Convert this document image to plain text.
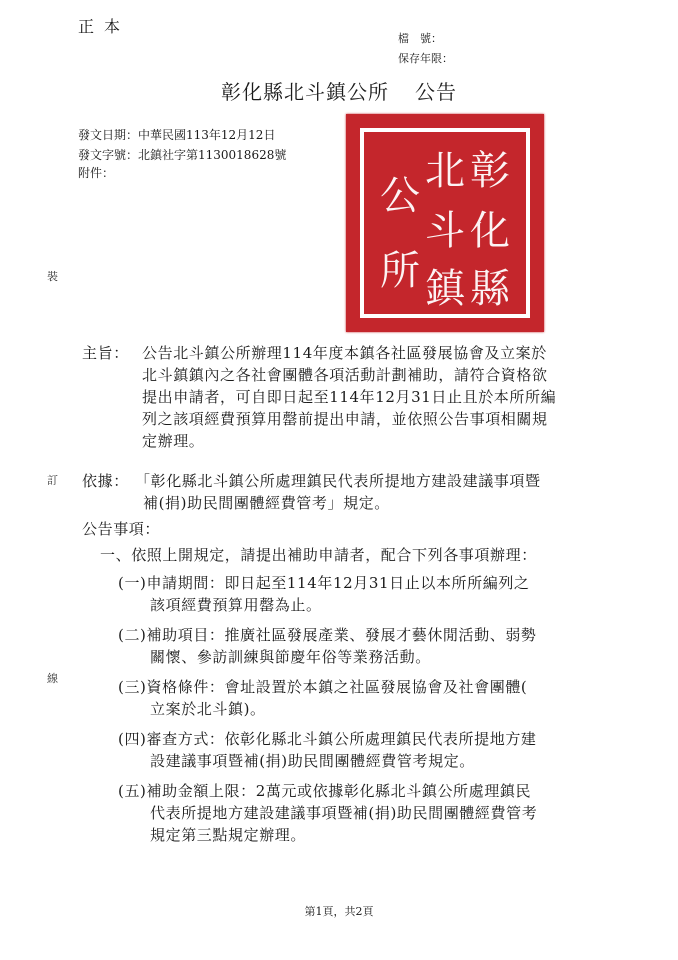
正本
檔　號：
保存年限：
彰化縣北斗鎮公所 公告
發文日期：中華民國113年12月12日
發文字號：北鎮社字第1130018628號
附件：
裝
訂
線
彰
化
縣
北
斗
鎮
公
所
主旨： 公告北斗鎮公所辦理114年度本鎮各社區發展協會及立案於
北斗鎮鎮內之各社會團體各項活動計劃補助，請符合資格欲
提出申請者，可自即日起至114年12月31日止且於本所所編
列之該項經費預算用罄前提出申請，並依照公告事項相關規
定辦理。
依據： 「彰化縣北斗鎮公所處理鎮民代表所提地方建設建議事項暨
補(捐)助民間團體經費管考」規定。
公告事項：
一、依照上開規定，請提出補助申請者，配合下列各事項辦理：
(一)申請期間：即日起至114年12月31日止以本所所編列之
該項經費預算用罄為止。
(二)補助項目：推廣社區發展產業、發展才藝休閒活動、弱勢
關懷、參訪訓練與節慶年俗等業務活動。
(三)資格條件：會址設置於本鎮之社區發展協會及社會團體(
立案於北斗鎮)。
(四)審查方式：依彰化縣北斗鎮公所處理鎮民代表所提地方建
設建議事項暨補(捐)助民間團體經費管考規定。
(五)補助金額上限：2萬元或依據彰化縣北斗鎮公所處理鎮民
代表所提地方建設建議事項暨補(捐)助民間團體經費管考
規定第三點規定辦理。
第1頁，共2頁
